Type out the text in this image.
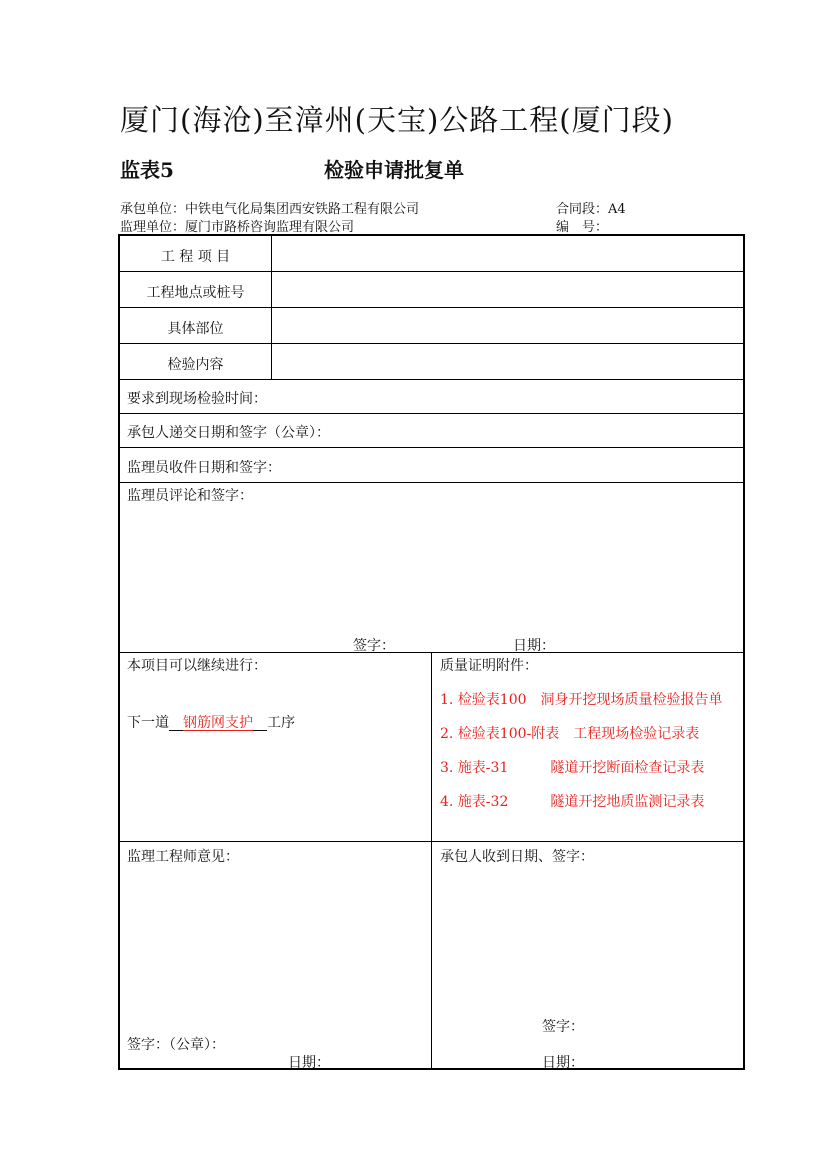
厦门(海沧)至漳州(天宝)公路工程(厦门段)
监表5	检验申请批复单
承包单位：中铁电气化局集团西安铁路工程有限公司	合同段：A4
监理单位：厦门市路桥咨询监理有限公司	编　号：
工 程 项 目
工程地点或桩号
具体部位
检验内容
要求到现场检验时间：
承包人递交日期和签字（公章）：
监理员收件日期和签字：
监理员评论和签字：
签字：	日期：
本项目可以继续进行：
下一道　 钢筋网支护　 工序
质量证明附件：
1. 检验表100　洞身开挖现场质量检验报告单
2. 检验表100-附表　工程现场检验记录表
3. 施表-31　　　隧道开挖断面检查记录表
4. 施表-32　　　隧道开挖地质监测记录表
监理工程师意见：
签字：（公章）：
日期：
承包人收到日期、签字：
签字：
日期：
